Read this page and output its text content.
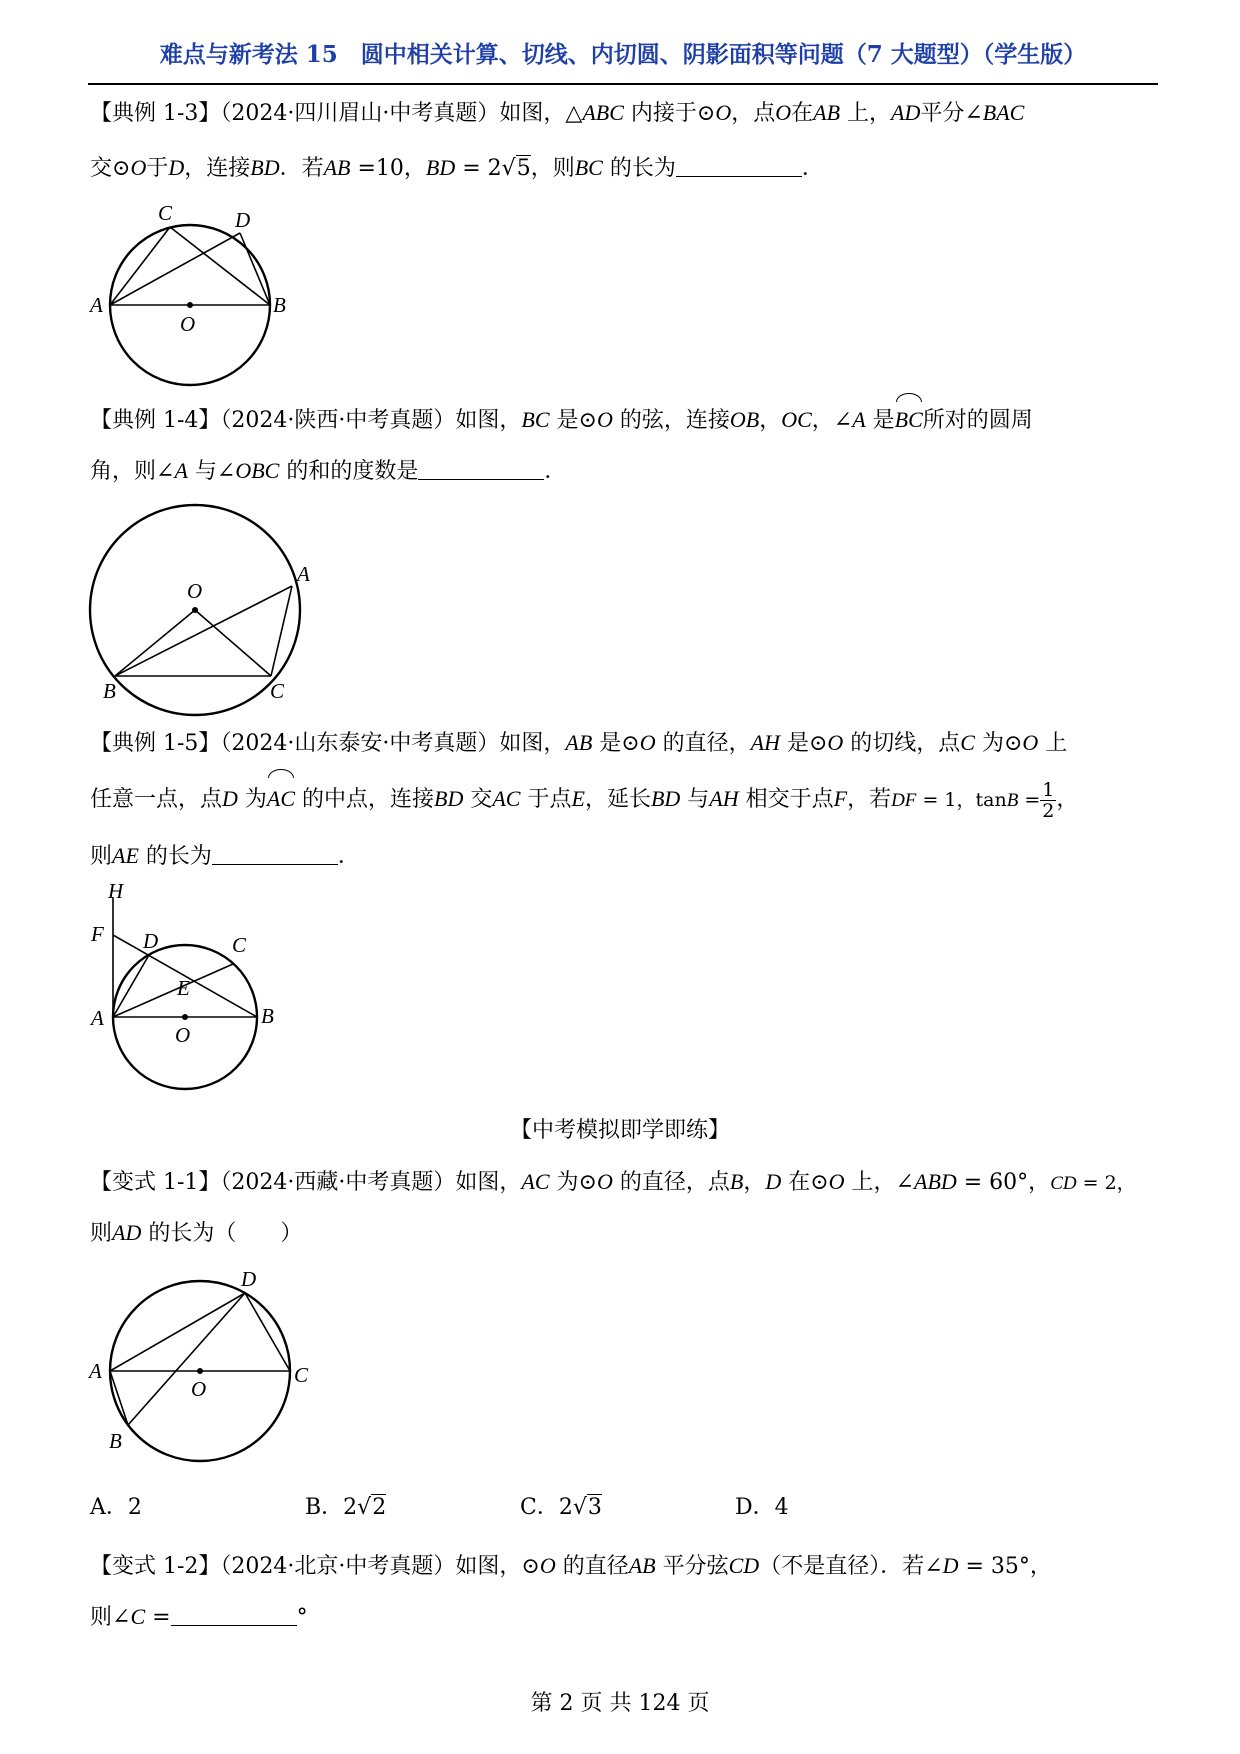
难点与新考法 15　圆中相关计算、切线、内切圆、阴影面积等问题（7 大题型）（学生版）
【典例 1-3】（2024·四川眉山·中考真题）如图，△ABC 内接于⊙O，点O在AB 上，AD平分∠BAC
交⊙O于D，连接BD．若AB =10，BD = 2√5，则BC 的长为	．
A	B
C	D
O
【典例 1-4】（2024·陕西·中考真题）如图，BC 是⊙O 的弦，连接OB，OC，∠A 是BC所对的圆周
角，则∠A 与∠OBC 的和的度数是	．
O
A
B	C
【典例 1-5】（2024·山东泰安·中考真题）如图，AB 是⊙O 的直径，AH 是⊙O 的切线，点C 为⊙O 上
任意一点，点D 为AC 的中点，连接BD 交AC 于点E，延长BD 与AH 相交于点F，若DF = 1，$\tan B = \frac{1}{2}$ ，
则AE 的长为	．
H
F D	C
E
A	B
O
【中考模拟即学即练】
【变式 1-1】（2024·西藏·中考真题）如图，AC 为⊙O 的直径，点B，D 在⊙O 上，∠ABD = 60°，CD = 2，
则AD 的长为（　　）
D
A	C
O
B
A．2	B．2√2	C．2√3	D．4
【变式 1-2】（2024·北京·中考真题）如图，⊙O 的直径AB 平分弦CD（不是直径）．若∠D = 35°，
则∠C =	°
第 2 页 共 124 页
